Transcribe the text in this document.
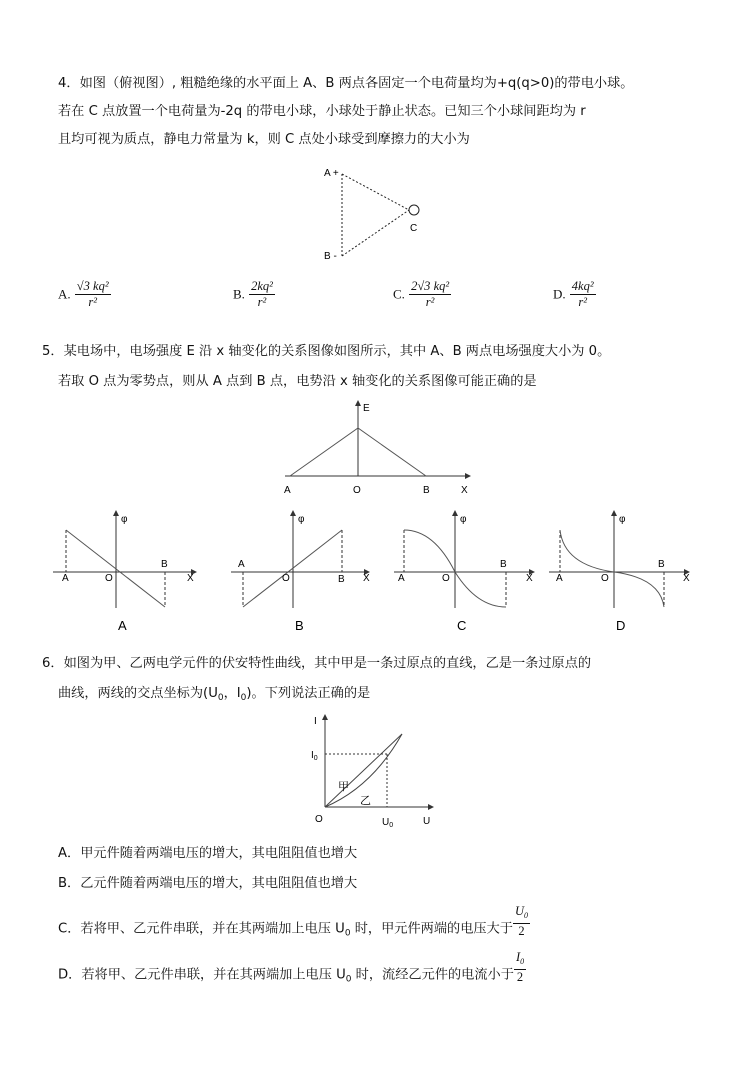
4．如图（俯视图）, 粗糙绝缘的水平面上 A、B 两点各固定一个电荷量均为+q(q>0)的带电小球。
若在 C 点放置一个电荷量为-2q 的带电小球，小球处于静止状态。已知三个小球间距均为 r
且均可视为质点，静电力常量为 k，则 C 点处小球受到摩擦力的大小为
A +
B -
C
A. $\frac{\text{√3 kq²}}{\text{r²}}$	B. $\frac{\text{2kq²}}{\text{r²}}$	C. $\frac{\text{2√3 kq²}}{\text{r²}}$	D. $\frac{\text{4kq²}}{\text{r²}}$
5．某电场中，电场强度 E 沿 x 轴变化的关系图像如图所示，其中 A、B 两点电场强度大小为 0。
若取 O 点为零势点，则从 A 点到 B 点，电势沿 x 轴变化的关系图像可能正确的是
E
X
A	O	B
φ
X
A	O
B
A
φ
X
A
O	B
B
φ
X
A	O
B
C
φ
X
A	O
B
D
6．如图为甲、乙两电学元件的伏安特性曲线，其中甲是一条过原点的直线，乙是一条过原点的
曲线，两线的交点坐标为($U_0$，$I_0$)。下列说法正确的是
I
U
O
$I_0$
$U_0$
甲
乙
A．甲元件随着两端电压的增大，其电阻阻值也增大
B．乙元件随着两端电压的增大，其电阻阻值也增大
C．若将甲、乙元件串联，并在其两端加上电压 $U_0$ 时，甲元件两端的电压大于 $\frac{U_0}{2}$
D．若将甲、乙元件串联，并在其两端加上电压 $U_0$ 时，流经乙元件的电流小于 $\frac{I_0}{2}$
